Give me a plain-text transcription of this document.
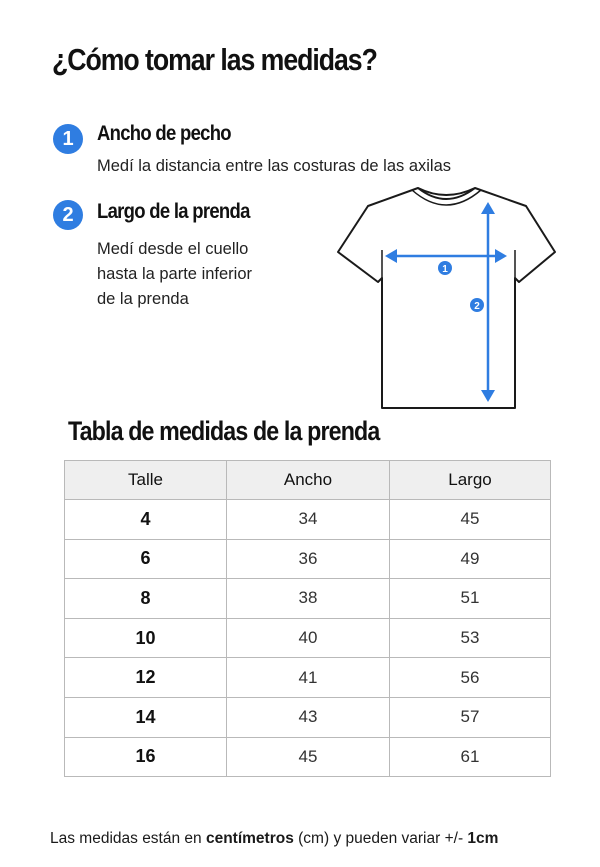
¿Cómo tomar las medidas?
1	Ancho de pecho

Medí la distancia entre las costuras de las axilas

2	Largo de la prenda

Medí desde el cuello
hasta la parte inferior
de la prenda

1
2
Tabla de medidas de la prenda
Talle	Ancho	Largo
4	34	45
6	36	49
8	38	51
10	40	53
12	41	56
14	43	57
16	45	61

Las medidas están en centímetros (cm) y pueden variar +/- 1cm
